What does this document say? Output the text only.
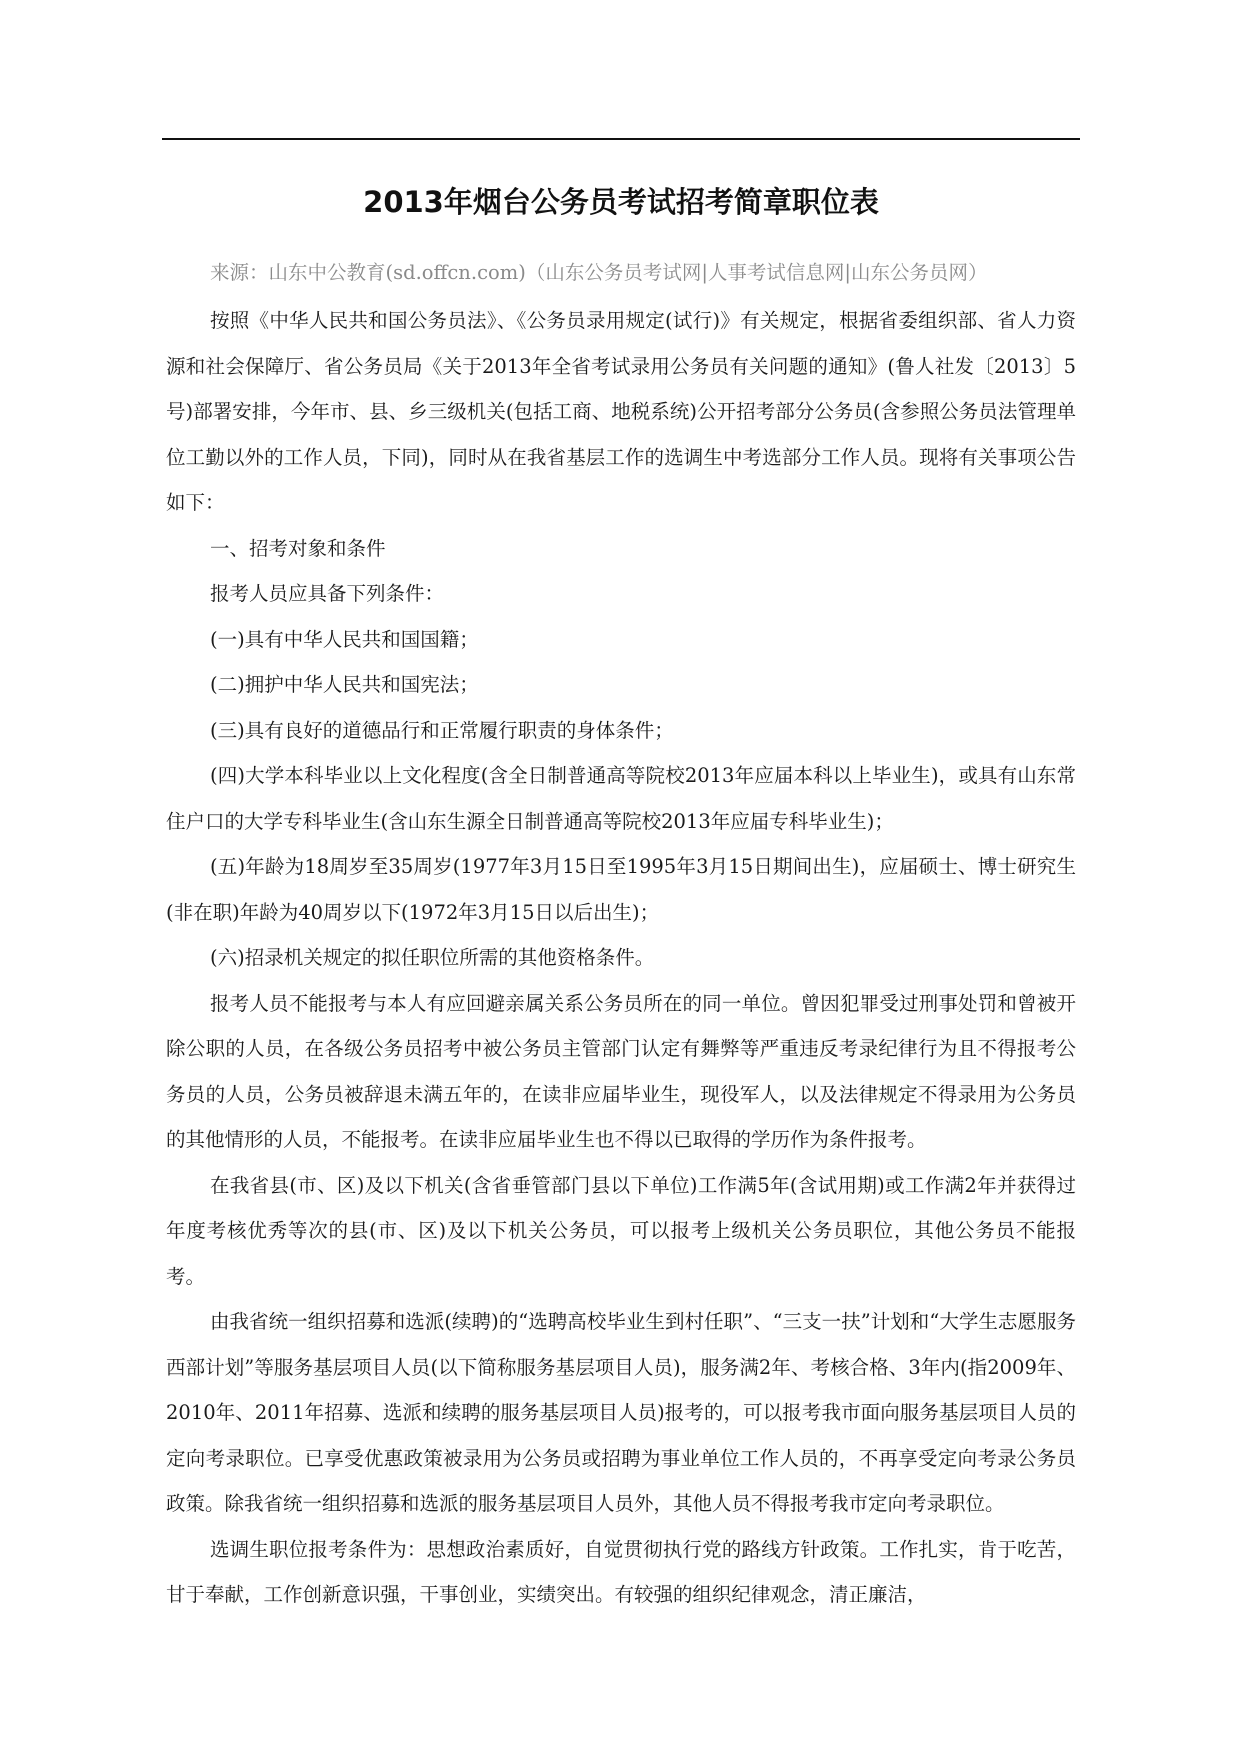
2013年烟台公务员考试招考简章职位表
来源：山东中公教育(sd.offcn.com)（山东公务员考试网|人事考试信息网|山东公务员网）

按照《中华人民共和国公务员法》、《公务员录用规定(试行)》有关规定，根据省委组织部、省人力资源和社会保障厅、省公务员局《关于2013年全省考试录用公务员有关问题的通知》(鲁人社发〔2013〕5号)部署安排，今年市、县、乡三级机关(包括工商、地税系统)公开招考部分公务员(含参照公务员法管理单位工勤以外的工作人员，下同)，同时从在我省基层工作的选调生中考选部分工作人员。现将有关事项公告如下：

一、招考对象和条件

报考人员应具备下列条件：

(一)具有中华人民共和国国籍；

(二)拥护中华人民共和国宪法；

(三)具有良好的道德品行和正常履行职责的身体条件；

(四)大学本科毕业以上文化程度(含全日制普通高等院校2013年应届本科以上毕业生)，或具有山东常住户口的大学专科毕业生(含山东生源全日制普通高等院校2013年应届专科毕业生)；

(五)年龄为18周岁至35周岁(1977年3月15日至1995年3月15日期间出生)，应届硕士、博士研究生(非在职)年龄为40周岁以下(1972年3月15日以后出生)；

(六)招录机关规定的拟任职位所需的其他资格条件。

报考人员不能报考与本人有应回避亲属关系公务员所在的同一单位。曾因犯罪受过刑事处罚和曾被开除公职的人员，在各级公务员招考中被公务员主管部门认定有舞弊等严重违反考录纪律行为且不得报考公务员的人员，公务员被辞退未满五年的，在读非应届毕业生，现役军人，以及法律规定不得录用为公务员的其他情形的人员，不能报考。在读非应届毕业生也不得以已取得的学历作为条件报考。

在我省县(市、区)及以下机关(含省垂管部门县以下单位)工作满5年(含试用期)或工作满2年并获得过年度考核优秀等次的县(市、区)及以下机关公务员，可以报考上级机关公务员职位，其他公务员不能报考。

由我省统一组织招募和选派(续聘)的“选聘高校毕业生到村任职”、“三支一扶”计划和“大学生志愿服务西部计划”等服务基层项目人员(以下简称服务基层项目人员)，服务满2年、考核合格、3年内(指2009年、2010年、2011年招募、选派和续聘的服务基层项目人员)报考的，可以报考我市面向服务基层项目人员的定向考录职位。已享受优惠政策被录用为公务员或招聘为事业单位工作人员的，不再享受定向考录公务员政策。除我省统一组织招募和选派的服务基层项目人员外，其他人员不得报考我市定向考录职位。

选调生职位报考条件为：思想政治素质好，自觉贯彻执行党的路线方针政策。工作扎实，肯于吃苦，甘于奉献，工作创新意识强，干事创业，实绩突出。有较强的组织纪律观念，清正廉洁，
